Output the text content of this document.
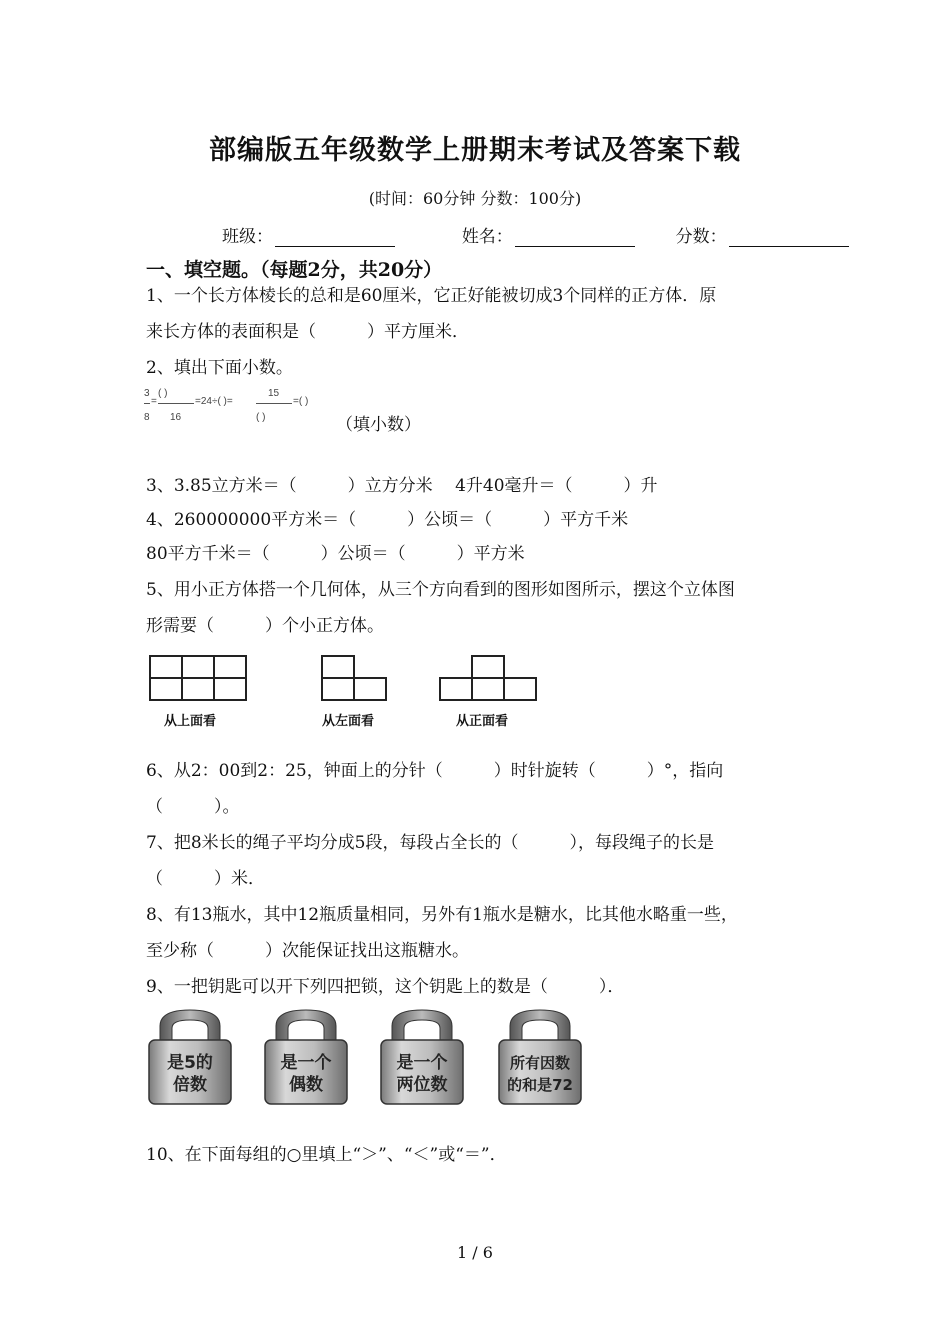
部编版五年级数学上册期末考试及答案下载
(时间：60分钟 分数：100分)
班级：	姓名：	分数：
一、填空题。（每题2分，共20分）
1、一个长方体棱长的总和是60厘米，它正好能被切成3个同样的正方体．原
来长方体的表面积是（　　　）平方厘米．
2、填出下面小数。
3
8
=
( )
16
=24÷( )=
15
( )
=( )
（填小数）
3、3.85立方米＝（　　　）立方分米　 4升40毫升＝（　　　）升
4、260000000平方米＝（　　　）公顷＝（　　　）平方千米
80平方千米＝（　　　）公顷＝（　　　）平方米
5、用小正方体搭一个几何体，从三个方向看到的图形如图所示，摆这个立体图
形需要（　　　）个小正方体。
从上面看	从左面看	从正面看
6、从2：00到2：25，钟面上的分针（　　　）时针旋转（　　　）°，指向
（　　　）。
7、把8米长的绳子平均分成5段，每段占全长的（　　　），每段绳子的长是
（　　　）米．
8、有13瓶水，其中12瓶质量相同，另外有1瓶水是糖水，比其他水略重一些，
至少称（　　　）次能保证找出这瓶糖水。
9、一把钥匙可以开下列四把锁，这个钥匙上的数是（　　　）．
是5的
倍数
是一个
偶数
是一个
两位数
所有因数
的和是72
10、在下面每组的○里填上“＞”、“＜”或“＝”．
1 / 6
